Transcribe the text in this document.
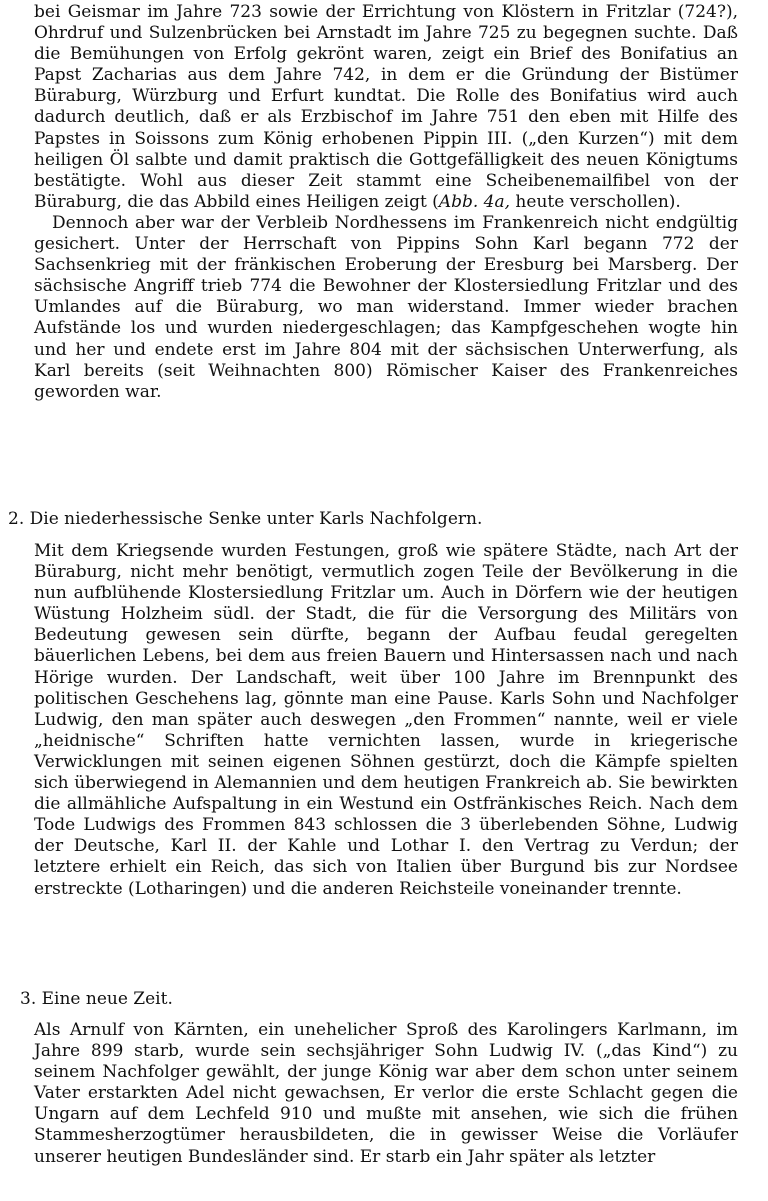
bei Geismar im Jahre 723 sowie der Errichtung von Klöstern in Fritzlar (724?), Ohrdruf und Sulzenbrücken bei Arnstadt im Jahre 725 zu begegnen suchte. Daß die Bemühungen von Erfolg gekrönt waren, zeigt ein Brief des Bonifatius an Papst Zacharias aus dem Jahre 742, in dem er die Gründung der Bistümer Büraburg, Würzburg und Erfurt kundtat. Die Rolle des Bonifatius wird auch dadurch deutlich, daß er als Erzbischof im Jahre 751 den eben mit Hilfe des Papstes in Soissons zum König erhobenen Pippin III. („den Kurzen“) mit dem heiligen Öl salbte und damit praktisch die Gottgefälligkeit des neuen Königtums bestätigte. Wohl aus dieser Zeit stammt eine Scheibenemailfibel von der Büraburg, die das Abbild eines Heiligen zeigt (Abb. 4a, heute verschollen).

Dennoch aber war der Verbleib Nordhessens im Frankenreich nicht endgültig gesichert. Unter der Herrschaft von Pippins Sohn Karl begann 772 der Sachsenkrieg mit der fränkischen Eroberung der Eresburg bei Marsberg. Der sächsische Angriff trieb 774 die Bewohner der Klostersiedlung Fritzlar und des Umlandes auf die Büraburg, wo man widerstand. Immer wieder brachen Aufstände los und wurden niedergeschlagen; das Kampfgeschehen wogte hin und her und endete erst im Jahre 804 mit der sächsischen Unterwerfung, als Karl bereits (seit Weihnachten 800) Römischer Kaiser des Frankenreiches geworden war.

2. Die niederhessische Senke unter Karls Nachfolgern.

Mit dem Kriegsende wurden Festungen, groß wie spätere Städte, nach Art der Büraburg, nicht mehr benötigt, vermutlich zogen Teile der Bevölkerung in die nun aufblühende Klostersiedlung Fritzlar um. Auch in Dörfern wie der heutigen Wüstung Holzheim südl. der Stadt, die für die Versorgung des Militärs von Bedeutung gewesen sein dürfte, begann der Aufbau feudal geregelten bäuerlichen Lebens, bei dem aus freien Bauern und Hintersassen nach und nach Hörige wurden. Der Landschaft, weit über 100 Jahre im Brennpunkt des politischen Geschehens lag, gönnte man eine Pause. Karls Sohn und Nachfolger Ludwig, den man später auch deswegen „den Frommen“ nannte, weil er viele „heidnische“ Schriften hatte vernichten lassen, wurde in kriegerische Verwicklungen mit seinen eigenen Söhnen gestürzt, doch die Kämpfe spielten sich überwiegend in Alemannien und dem heutigen Frankreich ab. Sie bewirkten die allmähliche Aufspaltung in ein Westund ein Ostfränkisches Reich. Nach dem Tode Ludwigs des Frommen 843 schlossen die 3 überlebenden Söhne, Ludwig der Deutsche, Karl II. der Kahle und Lothar I. den Vertrag zu Verdun; der letztere erhielt ein Reich, das sich von Italien über Burgund bis zur Nordsee erstreckte (Lotharingen) und die anderen Reichsteile voneinander trennte.

3. Eine neue Zeit.

Als Arnulf von Kärnten, ein unehelicher Sproß des Karolingers Karlmann, im Jahre 899 starb, wurde sein sechsjähriger Sohn Ludwig IV. („das Kind“) zu seinem Nachfolger gewählt, der junge König war aber dem schon unter seinem Vater erstarkten Adel nicht gewachsen, Er verlor die erste Schlacht gegen die Ungarn auf dem Lechfeld 910 und mußte mit ansehen, wie sich die frühen Stammesherzogtümer herausbildeten, die in gewisser Weise die Vorläufer unserer heutigen Bundesländer sind. Er starb ein Jahr später als letzter
